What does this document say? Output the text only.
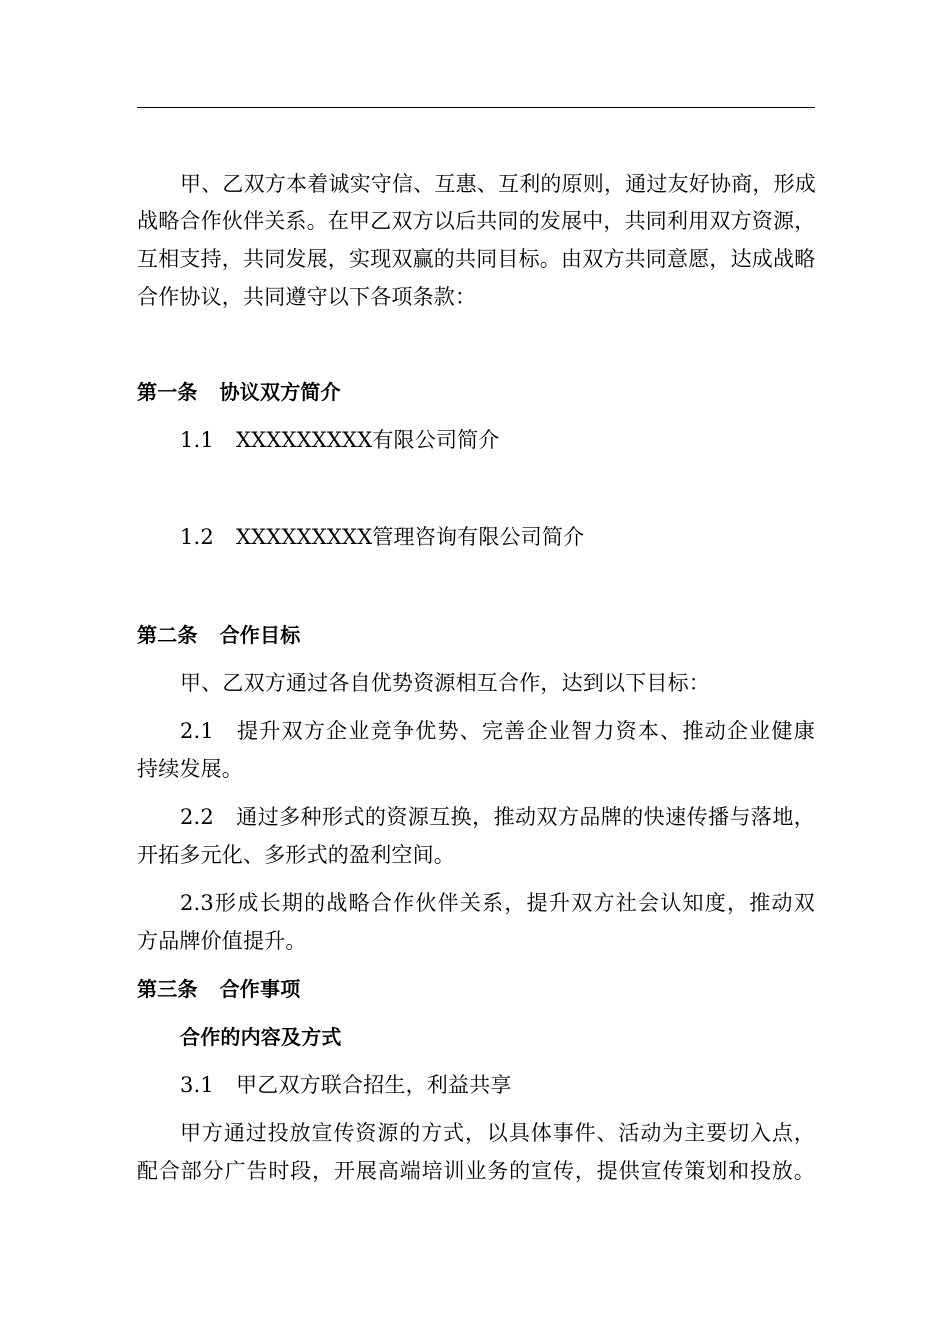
甲、乙双方本着诚实守信、互惠、互利的原则，通过友好协商，形成
战略合作伙伴关系。在甲乙双方以后共同的发展中，共同利用双方资源，
互相支持，共同发展，实现双赢的共同目标。由双方共同意愿，达成战略
合作协议，共同遵守以下各项条款：
第一条 协议双方简介
1.1 XXXXXXXXX有限公司简介
1.2 XXXXXXXXX管理咨询有限公司简介
第二条 合作目标
甲、乙双方通过各自优势资源相互合作，达到以下目标：
2.1 提升双方企业竞争优势、完善企业智力资本、推动企业健康
持续发展。
2.2 通过多种形式的资源互换，推动双方品牌的快速传播与落地，
开拓多元化、多形式的盈利空间。
2.3形成长期的战略合作伙伴关系，提升双方社会认知度，推动双
方品牌价值提升。
第三条 合作事项
合作的内容及方式
3.1 甲乙双方联合招生，利益共享
甲方通过投放宣传资源的方式，以具体事件、活动为主要切入点，
配合部分广告时段，开展高端培训业务的宣传，提供宣传策划和投放。
